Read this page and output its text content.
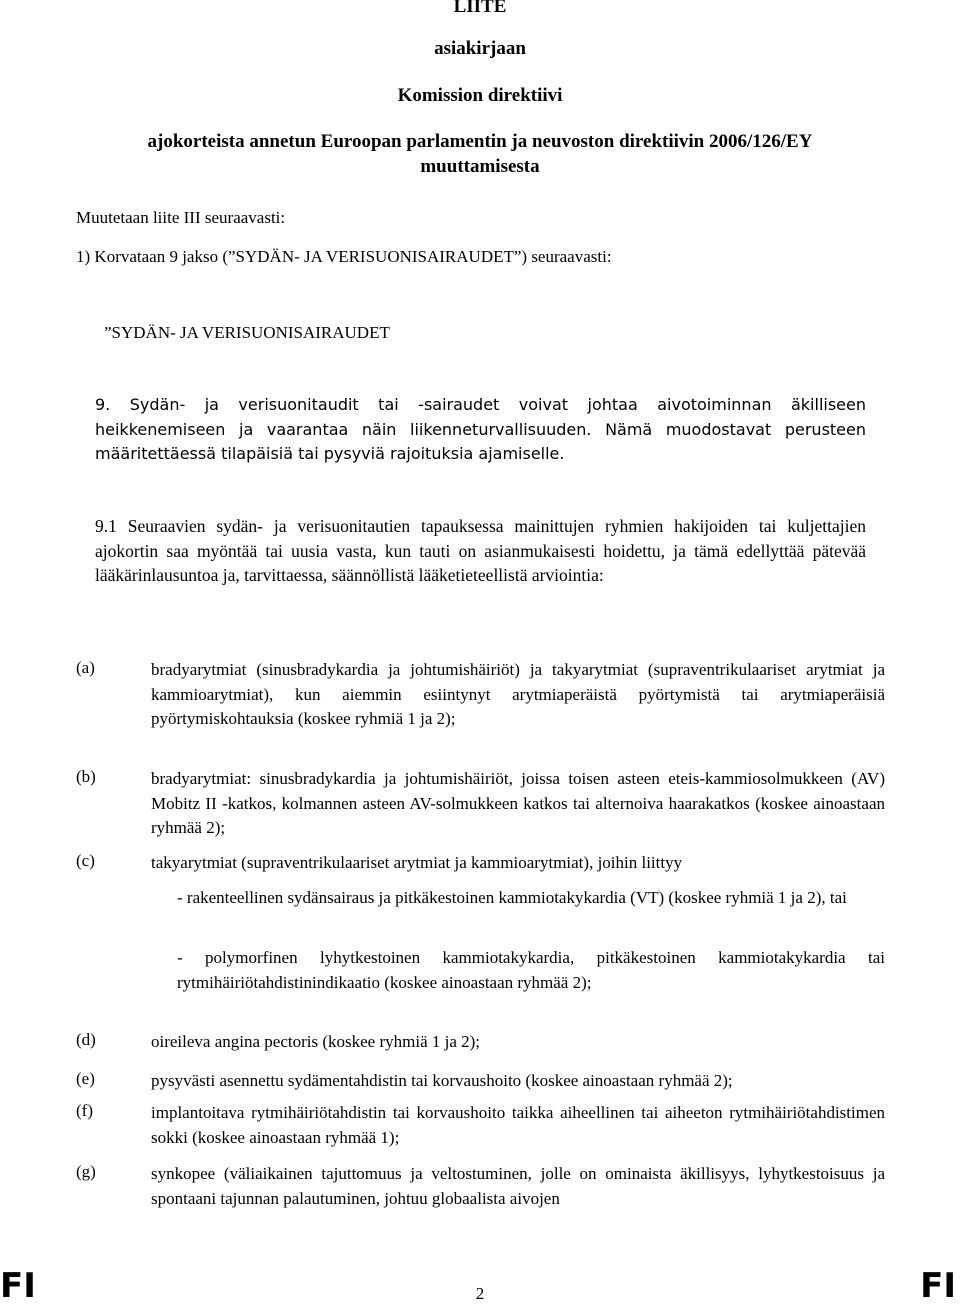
LIITE
asiakirjaan
Komission direktiivi
ajokorteista annetun Euroopan parlamentin ja neuvoston direktiivin 2006/126/EY
muuttamisesta
Muutetaan liite III seuraavasti:
1) Korvataan 9 jakso (”SYDÄN- JA VERISUONISAIRAUDET”) seuraavasti:
”SYDÄN- JA VERISUONISAIRAUDET
9. Sydän- ja verisuonitaudit tai -sairaudet voivat johtaa aivotoiminnan äkilliseen heikkenemiseen ja vaarantaa näin liikenneturvallisuuden. Nämä muodostavat perusteen määritettäessä tilapäisiä tai pysyviä rajoituksia ajamiselle.
9.1 Seuraavien sydän- ja verisuonitautien tapauksessa mainittujen ryhmien hakijoiden tai kuljettajien ajokortin saa myöntää tai uusia vasta, kun tauti on asianmukaisesti hoidettu, ja tämä edellyttää pätevää lääkärinlausuntoa ja, tarvittaessa, säännöllistä lääketieteellistä arviointia:
(a)	bradyarytmiat (sinusbradykardia ja johtumishäiriöt) ja takyarytmiat (supraventrikulaariset arytmiat ja kammioarytmiat), kun aiemmin esiintynyt arytmiaperäistä pyörtymistä tai arytmiaperäisiä pyörtymiskohtauksia (koskee ryhmiä 1 ja 2);
(b)	bradyarytmiat: sinusbradykardia ja johtumishäiriöt, joissa toisen asteen eteis-kammiosolmukkeen (AV) Mobitz II -katkos, kolmannen asteen AV-solmukkeen katkos tai alternoiva haarakatkos (koskee ainoastaan ryhmää 2);
(c)	takyarytmiat (supraventrikulaariset arytmiat ja kammioarytmiat), joihin liittyy
- rakenteellinen sydänsairaus ja pitkäkestoinen kammiotakykardia (VT) (koskee ryhmiä 1 ja 2), tai
- polymorfinen lyhytkestoinen kammiotakykardia, pitkäkestoinen kammiotakykardia tai rytmihäiriötahdistinindikaatio (koskee ainoastaan ryhmää 2);
(d)	oireileva angina pectoris (koskee ryhmiä 1 ja 2);
(e)	pysyvästi asennettu sydämentahdistin tai korvaushoito (koskee ainoastaan ryhmää 2);
(f)	implantoitava rytmihäiriötahdistin tai korvaushoito taikka aiheellinen tai aiheeton rytmihäiriötahdistimen sokki (koskee ainoastaan ryhmää 1);
(g)	synkopee (väliaikainen tajuttomuus ja veltostuminen, jolle on ominaista äkillisyys, lyhytkestoisuus ja spontaani tajunnan palautuminen, johtuu globaalista aivojen
FI	2	FI
